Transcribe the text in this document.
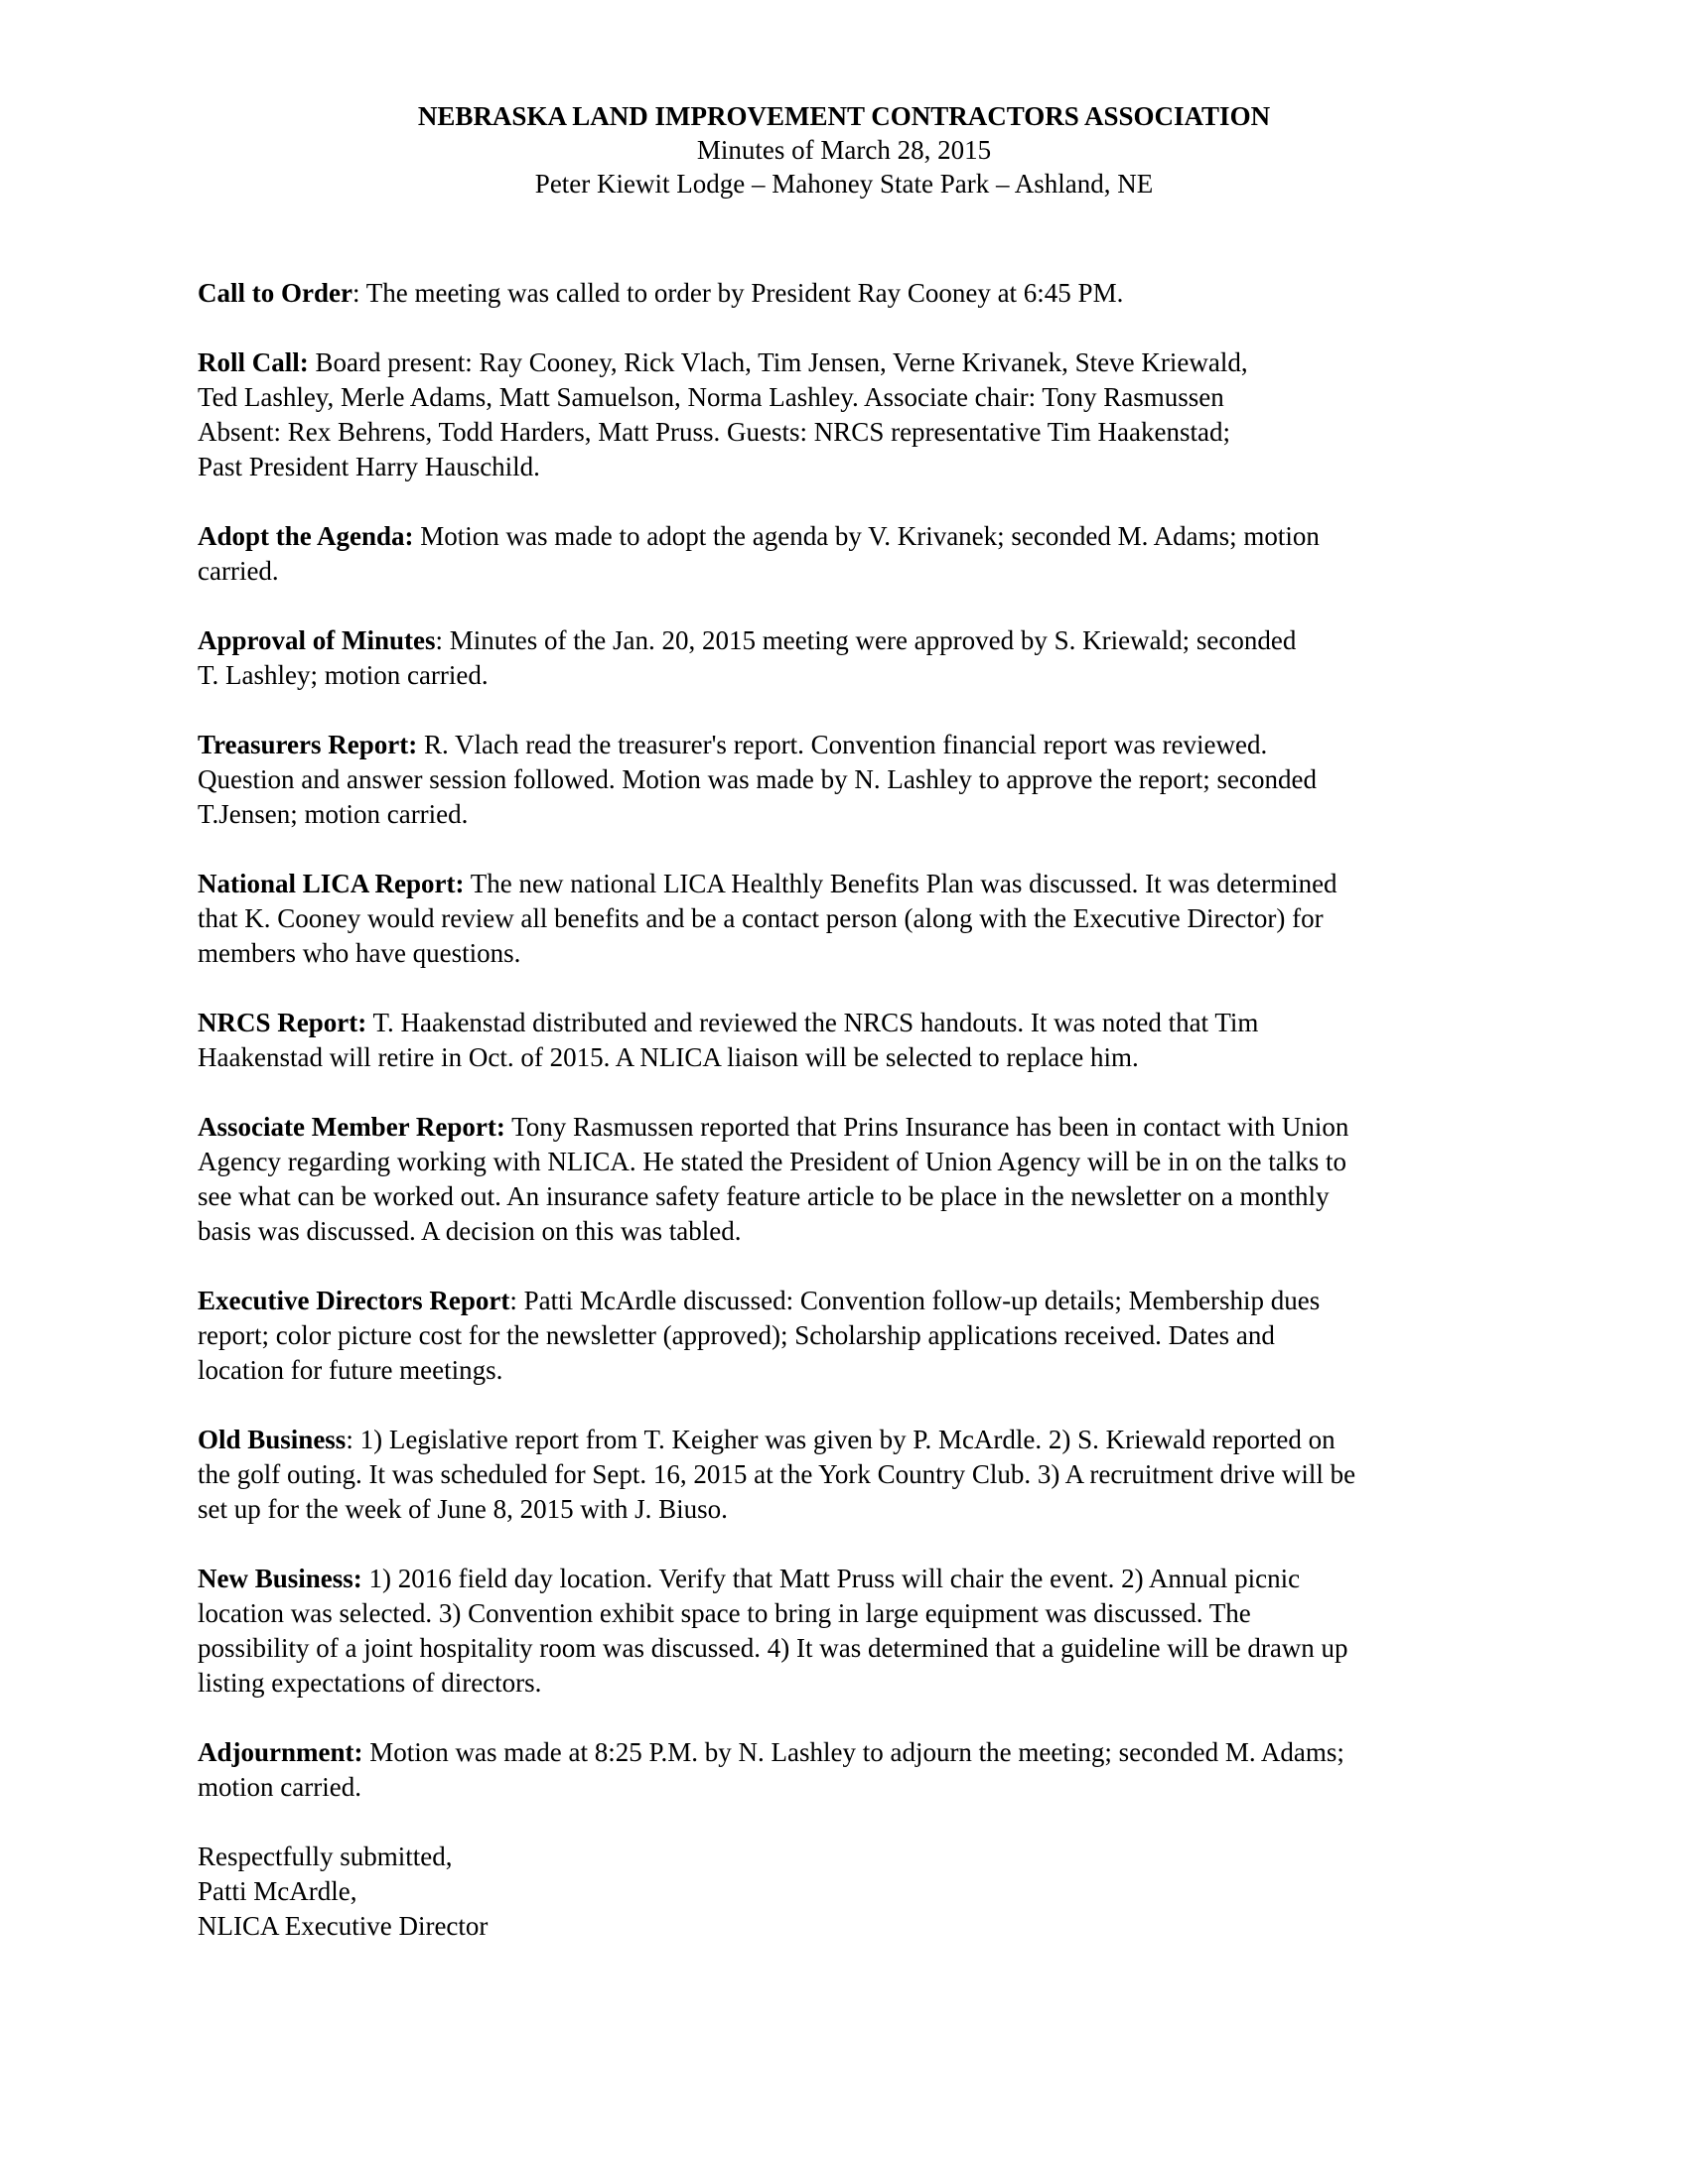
NEBRASKA LAND IMPROVEMENT CONTRACTORS ASSOCIATION
Minutes of March 28, 2015
Peter Kiewit Lodge – Mahoney State Park – Ashland, NE
Call to Order: The meeting was called to order by President Ray Cooney at 6:45 PM.
Roll Call: Board present: Ray Cooney, Rick Vlach, Tim Jensen, Verne Krivanek, Steve Kriewald,
Ted Lashley, Merle Adams, Matt Samuelson, Norma Lashley. Associate chair: Tony Rasmussen
Absent: Rex Behrens, Todd Harders, Matt Pruss. Guests: NRCS representative Tim Haakenstad;
Past President Harry Hauschild.
Adopt the Agenda: Motion was made to adopt the agenda by V. Krivanek; seconded M. Adams; motion
carried.
Approval of Minutes: Minutes of the Jan. 20, 2015 meeting were approved by S. Kriewald; seconded
T. Lashley; motion carried.
Treasurers Report: R. Vlach read the treasurer's report. Convention financial report was reviewed.
Question and answer session followed. Motion was made by N. Lashley to approve the report; seconded
T.Jensen; motion carried.
National LICA Report: The new national LICA Healthly Benefits Plan was discussed. It was determined
that K. Cooney would review all benefits and be a contact person (along with the Executive Director) for
members who have questions.
NRCS Report: T. Haakenstad distributed and reviewed the NRCS handouts. It was noted that Tim
Haakenstad will retire in Oct. of 2015. A NLICA liaison will be selected to replace him.
Associate Member Report: Tony Rasmussen reported that Prins Insurance has been in contact with Union
Agency regarding working with NLICA. He stated the President of Union Agency will be in on the talks to
see what can be worked out. An insurance safety feature article to be place in the newsletter on a monthly
basis was discussed. A decision on this was tabled.
Executive Directors Report: Patti McArdle discussed: Convention follow-up details; Membership dues
report; color picture cost for the newsletter (approved); Scholarship applications received. Dates and
location for future meetings.
Old Business: 1) Legislative report from T. Keigher was given by P. McArdle. 2) S. Kriewald reported on
the golf outing. It was scheduled for Sept. 16, 2015 at the York Country Club. 3) A recruitment drive will be
set up for the week of June 8, 2015 with J. Biuso.
New Business: 1) 2016 field day location. Verify that Matt Pruss will chair the event. 2) Annual picnic
location was selected. 3) Convention exhibit space to bring in large equipment was discussed. The
possibility of a joint hospitality room was discussed. 4) It was determined that a guideline will be drawn up
listing expectations of directors.
Adjournment: Motion was made at 8:25 P.M. by N. Lashley to adjourn the meeting; seconded M. Adams;
motion carried.
Respectfully submitted,
Patti McArdle,
NLICA Executive Director
